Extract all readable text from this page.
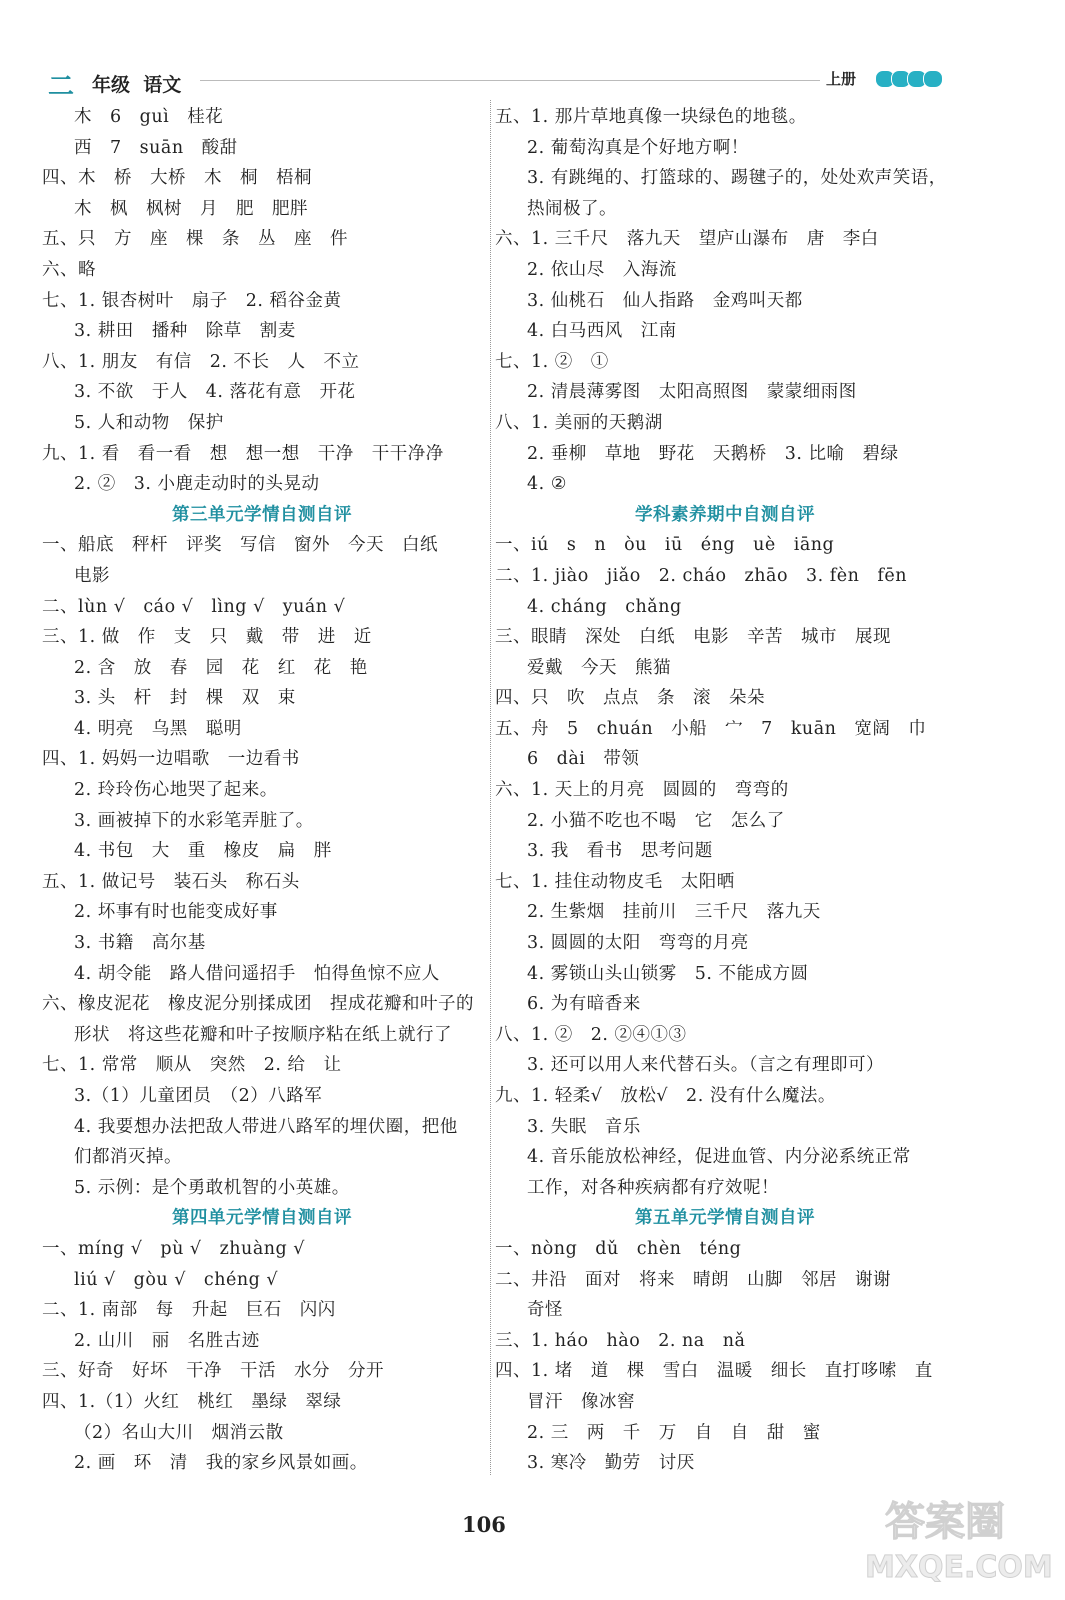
二 年级 语文	上册
木　6　guì　桂花
西　7　suān　酸甜
四、木　桥　大桥　木　桐　梧桐
木　枫　枫树　月　肥　肥胖
五、只　方　座　棵　条　丛　座　件
六、略
七、1. 银杏树叶　扇子　2. 稻谷金黄
3. 耕田　播种　除草　割麦
八、1. 朋友　有信　2. 不长　人　不立
3. 不欲　于人　4. 落花有意　开花
5. 人和动物　保护
九、1. 看　看一看　想　想一想　干净　干干净净
2. ②　3. 小鹿走动时的头晃动
第三单元学情自测自评
一、船底　秤杆　评奖　写信　窗外　今天　白纸
电影
二、lùn √　cáo √　lìng √　yuán √
三、1. 做　作　支　只　戴　带　进　近
2. 含　放　春　园　花　红　花　艳
3. 头　杆　封　棵　双　束
4. 明亮　乌黑　聪明
四、1. 妈妈一边唱歌　一边看书
2. 玲玲伤心地哭了起来。
3. 画被掉下的水彩笔弄脏了。
4. 书包　大　重　橡皮　扁　胖
五、1. 做记号　装石头　称石头
2. 坏事有时也能变成好事
3. 书籍　高尔基
4. 胡令能　路人借问遥招手　怕得鱼惊不应人
六、橡皮泥花　橡皮泥分别揉成团　捏成花瓣和叶子的
形状　将这些花瓣和叶子按顺序粘在纸上就行了
七、1. 常常　顺从　突然　2. 给　让
3.（1）儿童团员　（2）八路军
4. 我要想办法把敌人带进八路军的埋伏圈，把他
们都消灭掉。
5. 示例：是个勇敢机智的小英雄。
第四单元学情自测自评
一、míng √　pù √　zhuàng √
liú √　gòu √　chéng √
二、1. 南部　每　升起　巨石　闪闪
2. 山川　丽　名胜古迹
三、好奇　好坏　干净　干活　水分　分开
四、1.（1）火红　桃红　墨绿　翠绿
（2）名山大川　烟消云散
2. 画　环　清　我的家乡风景如画。
五、1. 那片草地真像一块绿色的地毯。
2. 葡萄沟真是个好地方啊！
3. 有跳绳的、打篮球的、踢毽子的，处处欢声笑语，
热闹极了。
六、1. 三千尺　落九天　望庐山瀑布　唐　李白
2. 依山尽　入海流
3. 仙桃石　仙人指路　金鸡叫天都
4. 白马西风　江南
七、1. ②　①
2. 清晨薄雾图　太阳高照图　蒙蒙细雨图
八、1. 美丽的天鹅湖
2. 垂柳　草地　野花　天鹅桥　3. 比喻　碧绿
4. ②
学科素养期中自测自评
一、iú　s　n　òu　iū　éng　uè　iāng
二、1. jiào　jiǎo　2. cháo　zhāo　3. fèn　fēn
4. cháng　chǎng
三、眼睛　深处　白纸　电影　辛苦　城市　展现
爱戴　今天　熊猫
四、只　吹　点点　条　滚　朵朵
五、舟　5　chuán　小船　宀　7　kuān　宽阔　巾
6　dài　带领
六、1. 天上的月亮　圆圆的　弯弯的
2. 小猫不吃也不喝　它　怎么了
3. 我　看书　思考问题
七、1. 挂住动物皮毛　太阳晒
2. 生紫烟　挂前川　三千尺　落九天
3. 圆圆的太阳　弯弯的月亮
4. 雾锁山头山锁雾　5. 不能成方圆
6. 为有暗香来
八、1. ②　2. ②④①③
3. 还可以用人来代替石头。（言之有理即可）
九、1. 轻柔√　放松√　2. 没有什么魔法。
3. 失眠　音乐
4. 音乐能放松神经，促进血管、内分泌系统正常
工作，对各种疾病都有疗效呢！
第五单元学情自测自评
一、nòng　dǔ　chèn　téng
二、井沿　面对　将来　晴朗　山脚　邻居　谢谢
奇怪
三、1. háo　hào　2. na　nǎ
四、1. 堵　道　棵　雪白　温暖　细长　直打哆嗦　直
冒汗　像冰窖
2. 三　两　千　万　自　自　甜　蜜
3. 寒冷　勤劳　讨厌
106	答案圈
MXQE.COM
